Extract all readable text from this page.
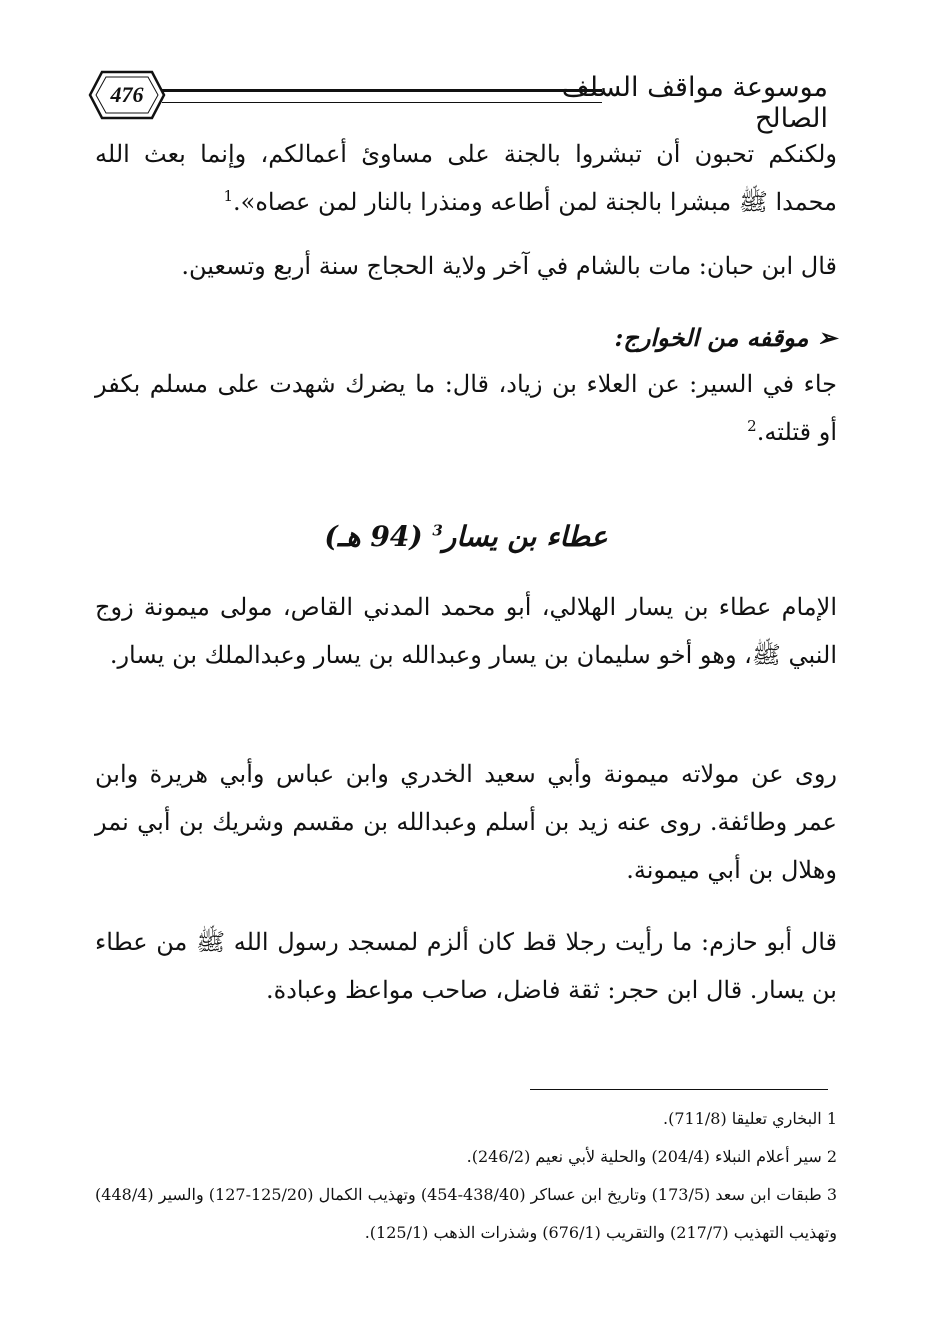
476	موسوعة مواقف السلف الصالح
ولكنكم تحبون أن تبشروا بالجنة على مساوئ أعمالكم، وإنما بعث الله محمدا ﷺ مبشرا بالجنة لمن أطاعه ومنذرا بالنار لمن عصاه».$^1$
قال ابن حبان: مات بالشام في آخر ولاية الحجاج سنة أربع وتسعين.
➢ موقفه من الخوارج:
جاء في السير: عن العلاء بن زياد، قال: ما يضرك شهدت على مسلم بكفر أو قتلته.$^2$
عطاء بن يسار$^3$ (94 هـ)
الإمام عطاء بن يسار الهلالي، أبو محمد المدني القاص، مولى ميمونة زوج النبي ﷺ، وهو أخو سليمان بن يسار وعبدالله بن يسار وعبدالملك بن يسار.
روى عن مولاته ميمونة وأبي سعيد الخدري وابن عباس وأبي هريرة وابن عمر وطائفة. روى عنه زيد بن أسلم وعبدالله بن مقسم وشريك بن أبي نمر وهلال بن أبي ميمونة.
قال أبو حازم: ما رأيت رجلا قط كان ألزم لمسجد رسول الله ﷺ من عطاء بن يسار. قال ابن حجر: ثقة فاضل، صاحب مواعظ وعبادة.

1 البخاري تعليقا (711/8).

2 سير أعلام النبلاء (204/4) والحلية لأبي نعيم (246/2).

3 طبقات ابن سعد (173/5) وتاريخ ابن عساكر (438/40-454) وتهذيب الكمال (125/20-127) والسير (448/4) وتهذيب التهذيب (217/7) والتقريب (676/1) وشذرات الذهب (125/1).
